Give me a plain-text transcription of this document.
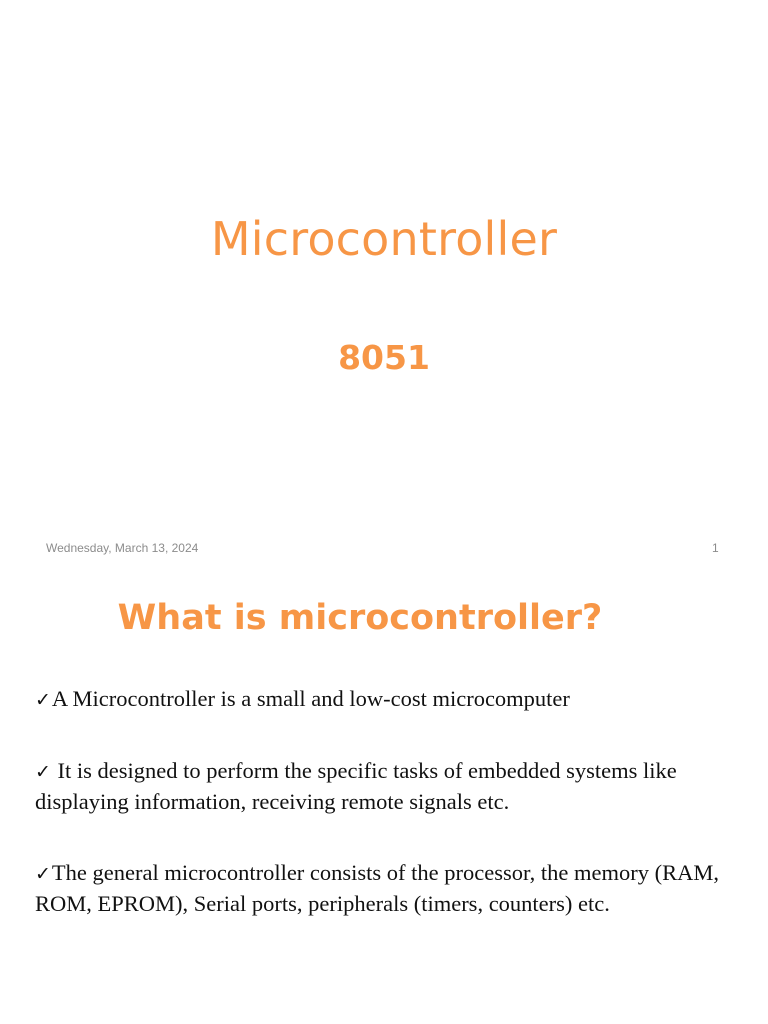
Microcontroller
8051
Wednesday, March 13, 2024	1
What is microcontroller?
✓A Microcontroller is a small and low-cost microcomputer
✓ It is designed to perform the specific tasks of embedded systems like displaying information, receiving remote signals etc.
✓The general microcontroller consists of the processor, the memory (RAM, ROM, EPROM), Serial ports, peripherals (timers, counters) etc.
